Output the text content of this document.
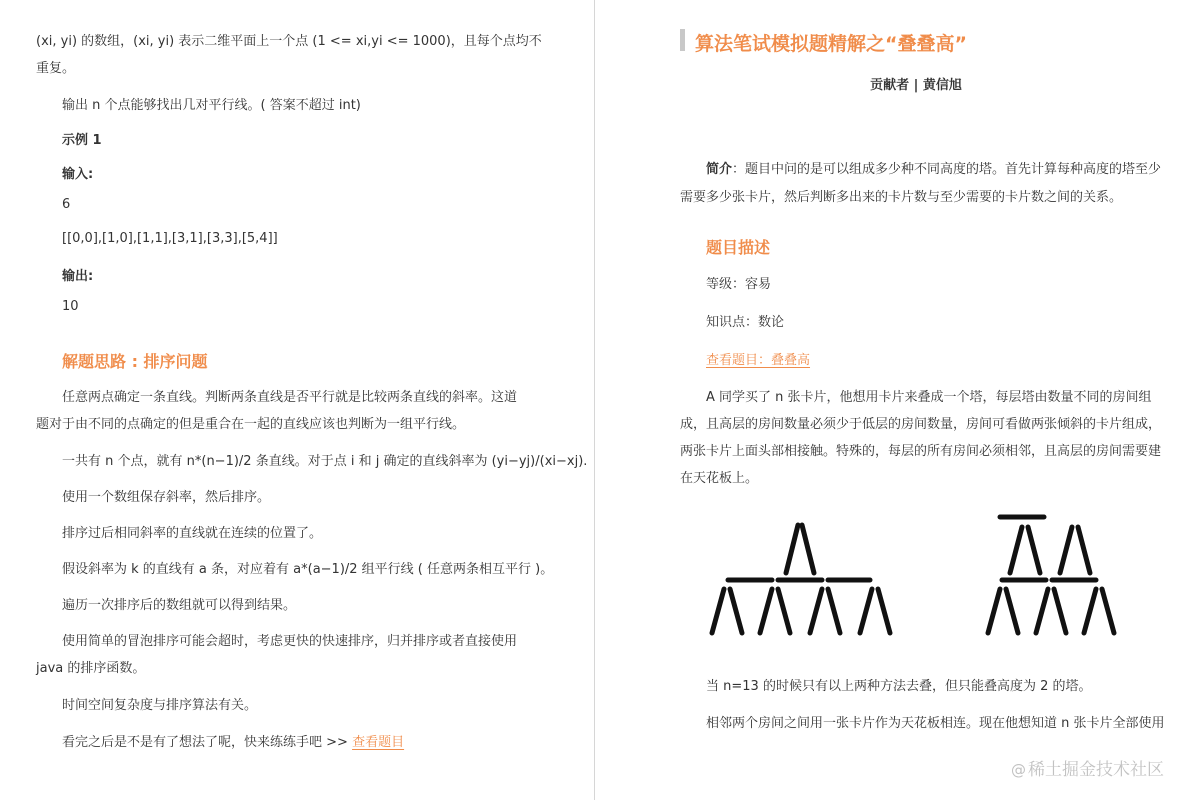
(xi, yi) 的数组，(xi, yi) 表示二维平面上一个点 (1 <= xi,yi <= 1000)，且每个点均不
重复。
输出 n 个点能够找出几对平行线。( 答案不超过 int)
示例 1
输入:
6
[[0,0],[1,0],[1,1],[3,1],[3,3],[5,4]]
输出:
10
解题思路 : 排序问题
任意两点确定一条直线。判断两条直线是否平行就是比较两条直线的斜率。这道
题对于由不同的点确定的但是重合在一起的直线应该也判断为一组平行线。
一共有 n 个点，就有 n*(n−1)/2 条直线。对于点 i 和 j 确定的直线斜率为 (yi−yj)/(xi−xj).
使用一个数组保存斜率，然后排序。
排序过后相同斜率的直线就在连续的位置了。
假设斜率为 k 的直线有 a 条，对应着有 a*(a−1)/2 组平行线 ( 任意两条相互平行 )。
遍历一次排序后的数组就可以得到结果。
使用简单的冒泡排序可能会超时，考虑更快的快速排序，归并排序或者直接使用
java 的排序函数。
时间空间复杂度与排序算法有关。
看完之后是不是有了想法了呢，快来练练手吧 >> 查看题目
算法笔试模拟题精解之“叠叠高”
贡献者 | 黄信旭
简介：题目中问的是可以组成多少种不同高度的塔。首先计算每种高度的塔至少
需要多少张卡片，然后判断多出来的卡片数与至少需要的卡片数之间的关系。
题目描述
等级：容易
知识点：数论
查看题目：叠叠高
A 同学买了 n 张卡片，他想用卡片来叠成一个塔，每层塔由数量不同的房间组
成，且高层的房间数量必须少于低层的房间数量，房间可看做两张倾斜的卡片组成，
两张卡片上面头部相接触。特殊的，每层的所有房间必须相邻，且高层的房间需要建
在天花板上。
当 n=13 的时候只有以上两种方法去叠，但只能叠高度为 2 的塔。
相邻两个房间之间用一张卡片作为天花板相连。现在他想知道 n 张卡片全部使用
@ 稀土掘金技术社区
